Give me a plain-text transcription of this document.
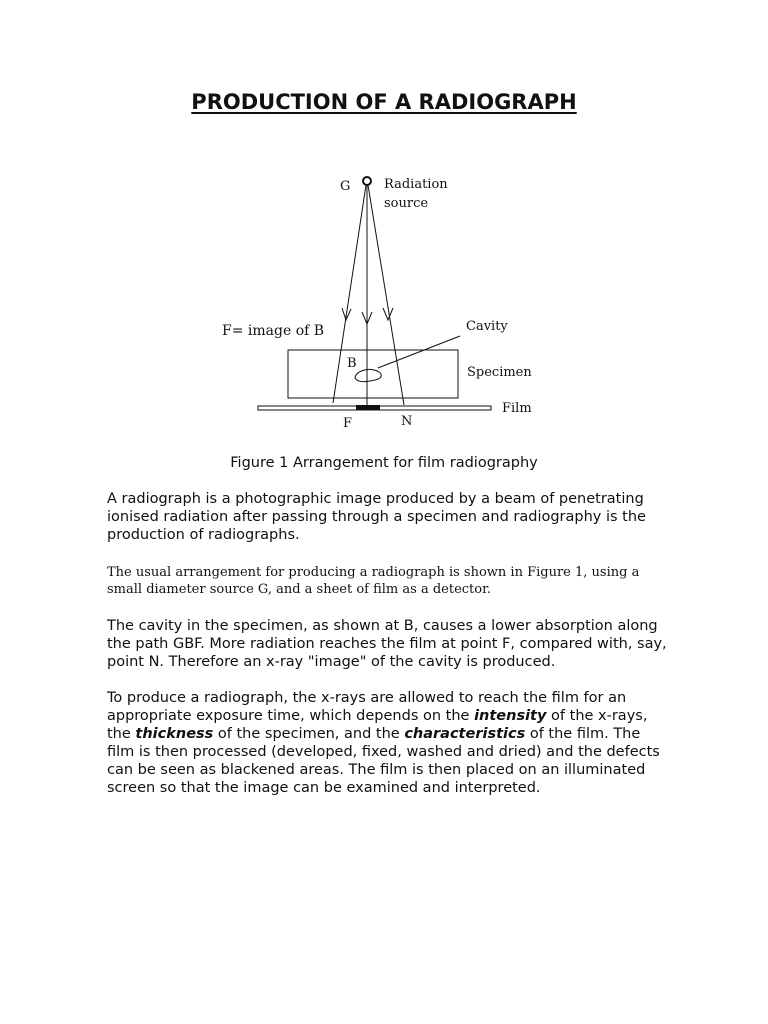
PRODUCTION OF A RADIOGRAPH
G	Radiation
source
F= image of B	Cavity
B
Specimen
Film
F	N

Figure 1 Arrangement for film radiography

A radiograph is a photographic image produced by a beam of penetrating ionised radiation after passing through a specimen and radiography is the production of radiographs.

The usual arrangement for producing a radiograph is shown in Figure 1, using a small diameter source G, and a sheet of film as a detector.

The cavity in the specimen, as shown at B, causes a lower absorption along the path GBF. More radiation reaches the film at point F, compared with, say, point N. Therefore an x-ray "image" of the cavity is produced.

To produce a radiograph, the x-rays are allowed to reach the film for an appropriate exposure time, which depends on the intensity of the x-rays, the thickness of the specimen, and the characteristics of the film. The film is then processed (developed, fixed, washed and dried) and the defects can be seen as blackened areas. The film is then placed on an illuminated screen so that the image can be examined and interpreted.
